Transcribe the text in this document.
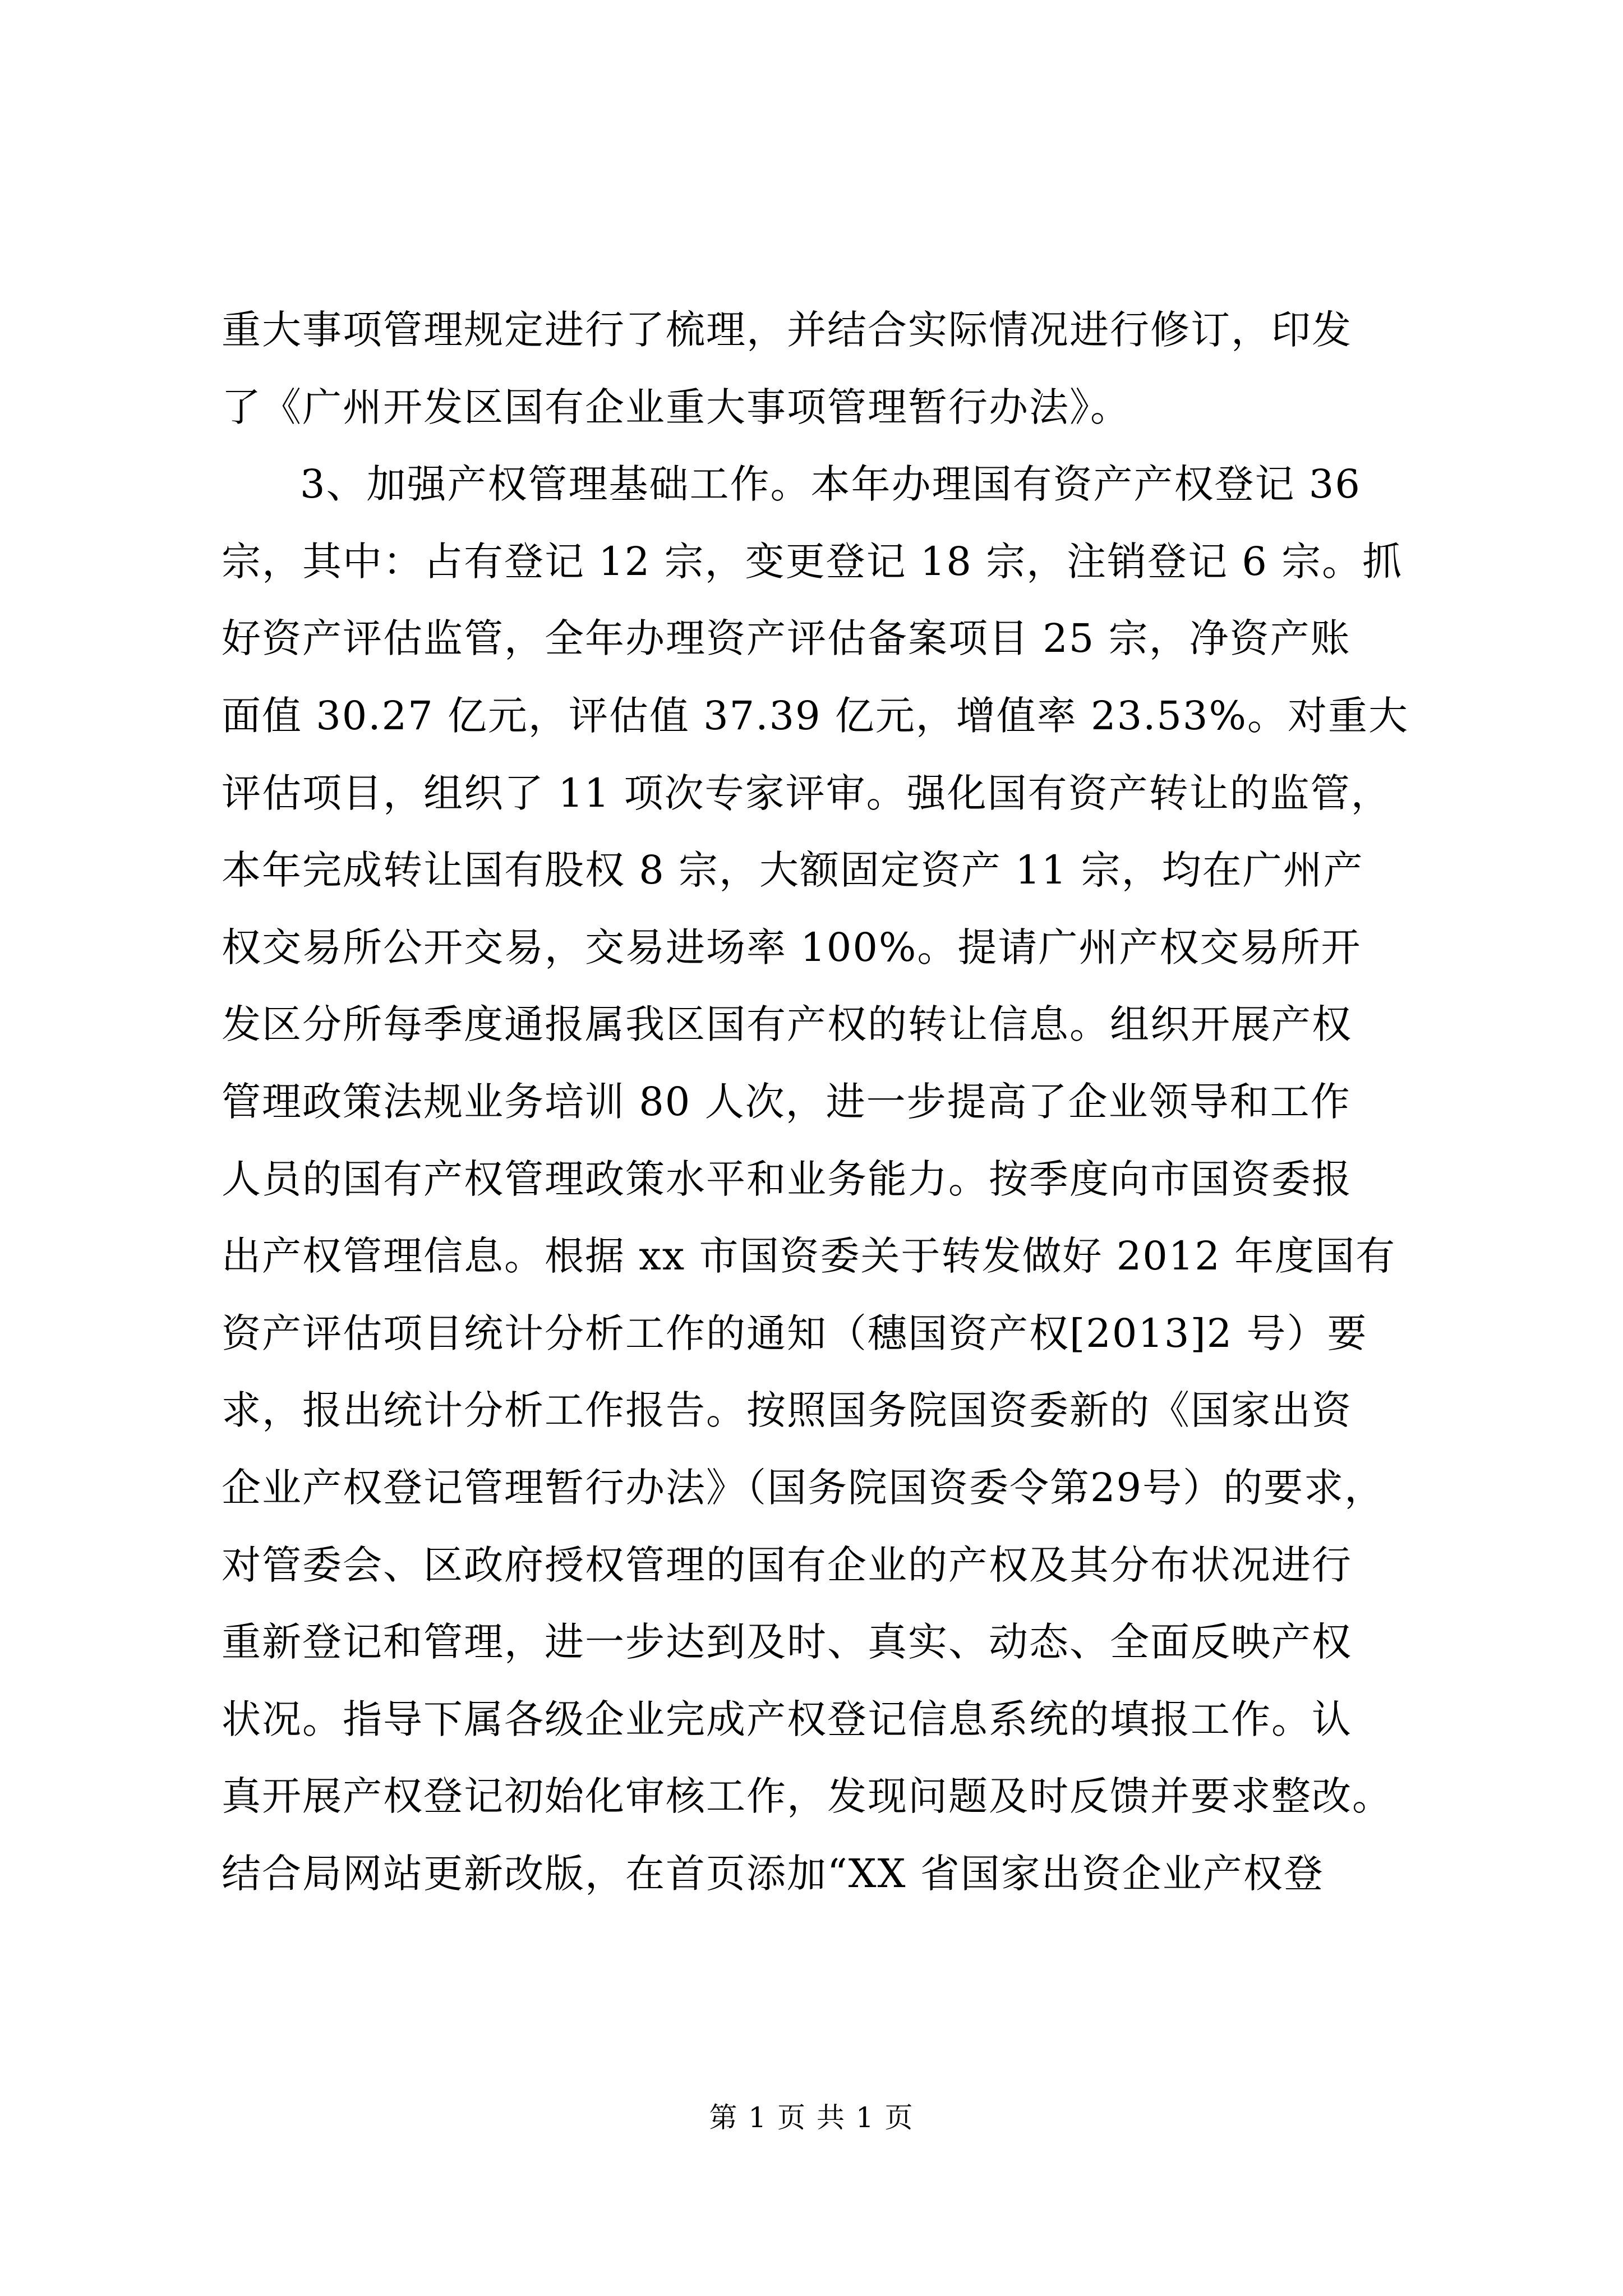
重大事项管理规定进行了梳理，并结合实际情况进行修订，印发
了《广州开发区国有企业重大事项管理暂行办法》。
3、加强产权管理基础工作。本年办理国有资产产权登记 36
宗，其中：占有登记 12 宗，变更登记 18 宗，注销登记 6 宗。抓
好资产评估监管，全年办理资产评估备案项目 25 宗，净资产账
面值 30.27 亿元，评估值 37.39 亿元，增值率 23.53%。对重大
评估项目，组织了 11 项次专家评审。强化国有资产转让的监管，
本年完成转让国有股权 8 宗，大额固定资产 11 宗，均在广州产
权交易所公开交易，交易进场率 100%。提请广州产权交易所开
发区分所每季度通报属我区国有产权的转让信息。组织开展产权
管理政策法规业务培训 80 人次，进一步提高了企业领导和工作
人员的国有产权管理政策水平和业务能力。按季度向市国资委报
出产权管理信息。根据 xx 市国资委关于转发做好 2012 年度国有
资产评估项目统计分析工作的通知（穗国资产权[2013]2 号）要
求，报出统计分析工作报告。按照国务院国资委新的《国家出资
企业产权登记管理暂行办法》（国务院国资委令第29号）的要求，
对管委会、区政府授权管理的国有企业的产权及其分布状况进行
重新登记和管理，进一步达到及时、真实、动态、全面反映产权
状况。指导下属各级企业完成产权登记信息系统的填报工作。认
真开展产权登记初始化审核工作，发现问题及时反馈并要求整改。
结合局网站更新改版，在首页添加“XX 省国家出资企业产权登
第 1 页 共 1 页
